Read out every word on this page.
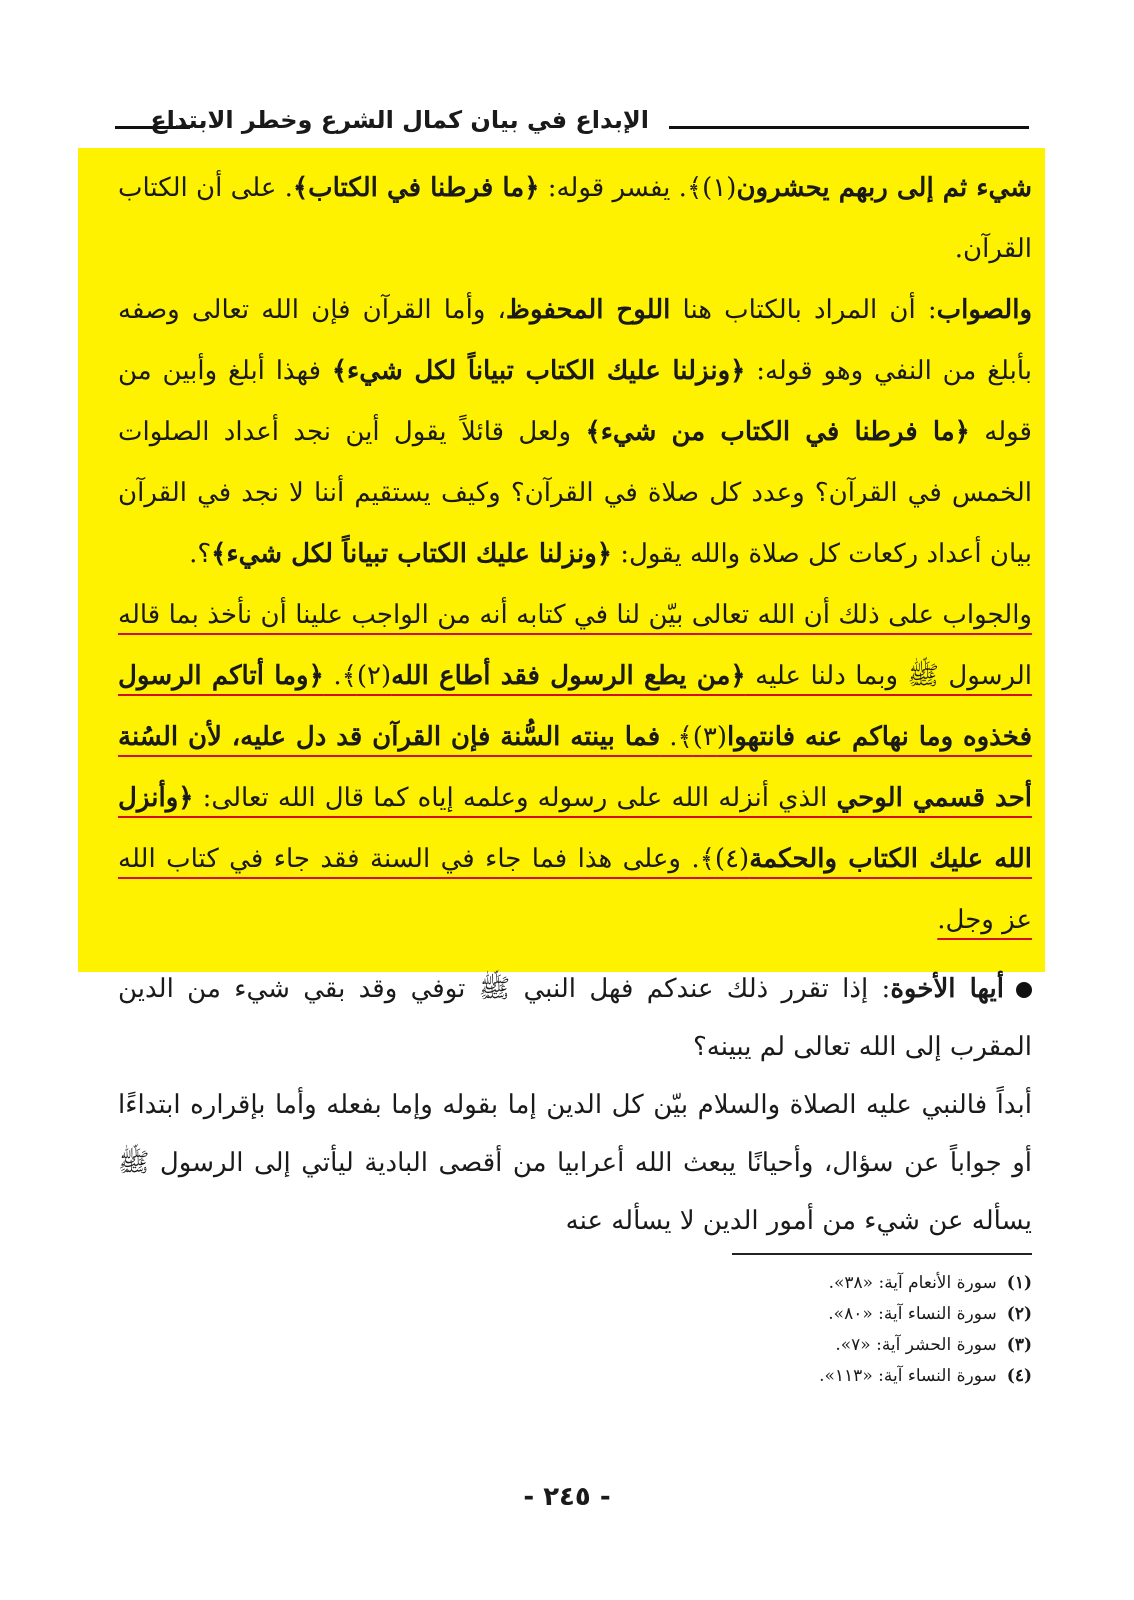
الإبداع في بيان كمال الشرع وخطر الابتداع

شيء ثم إلى ربهم يحشرون(١)﴾. يفسر قوله: ﴿ما فرطنا في الكتاب﴾. على أن الكتاب القرآن.

والصواب: أن المراد بالكتاب هنا اللوح المحفوظ، وأما القرآن فإن الله تعالى وصفه بأبلغ من النفي وهو قوله: ﴿ونزلنا عليك الكتاب تبياناً لكل شيء﴾ فهذا أبلغ وأبين من قوله ﴿ما فرطنا في الكتاب من شيء﴾ ولعل قائلاً يقول أين نجد أعداد الصلوات الخمس في القرآن؟ وعدد كل صلاة في القرآن؟ وكيف يستقيم أننا لا نجد في القرآن بيان أعداد ركعات كل صلاة والله يقول: ﴿ونزلنا عليك الكتاب تبياناً لكل شيء﴾؟.

والجواب على ذلك أن الله تعالى بيّن لنا في كتابه أنه من الواجب علينا أن نأخذ بما قاله الرسول ﷺ وبما دلنا عليه ﴿من يطع الرسول فقد أطاع الله(٢)﴾. ﴿وما أتاكم الرسول فخذوه وما نهاكم عنه فانتهوا(٣)﴾. فما بينته السُّنة فإن القرآن قد دل عليه، لأن السُنة أحد قسمي الوحي الذي أنزله الله على رسوله وعلمه إياه كما قال الله تعالى: ﴿وأنزل الله عليك الكتاب والحكمة(٤)﴾. وعلى هذا فما جاء في السنة فقد جاء في كتاب الله عز وجل.

أيها الأخوة: إذا تقرر ذلك عندكم فهل النبي ﷺ توفي وقد بقي شيء من الدين المقرب إلى الله تعالى لم يبينه؟

أبداً فالنبي عليه الصلاة والسلام بيّن كل الدين إما بقوله وإما بفعله وأما بإقراره ابتداءًا أو جواباً عن سؤال، وأحيانًا يبعث الله أعرابيا من أقصى البادية ليأتي إلى الرسول ﷺ يسأله عن شيء من أمور الدين لا يسأله عنه

(١)سورة الأنعام آية: «٣٨».
(٢)سورة النساء آية: «٨٠».
(٣)سورة الحشر آية: «٧».
(٤)سورة النساء آية: «١١٣».
- ٢٤٥ -
